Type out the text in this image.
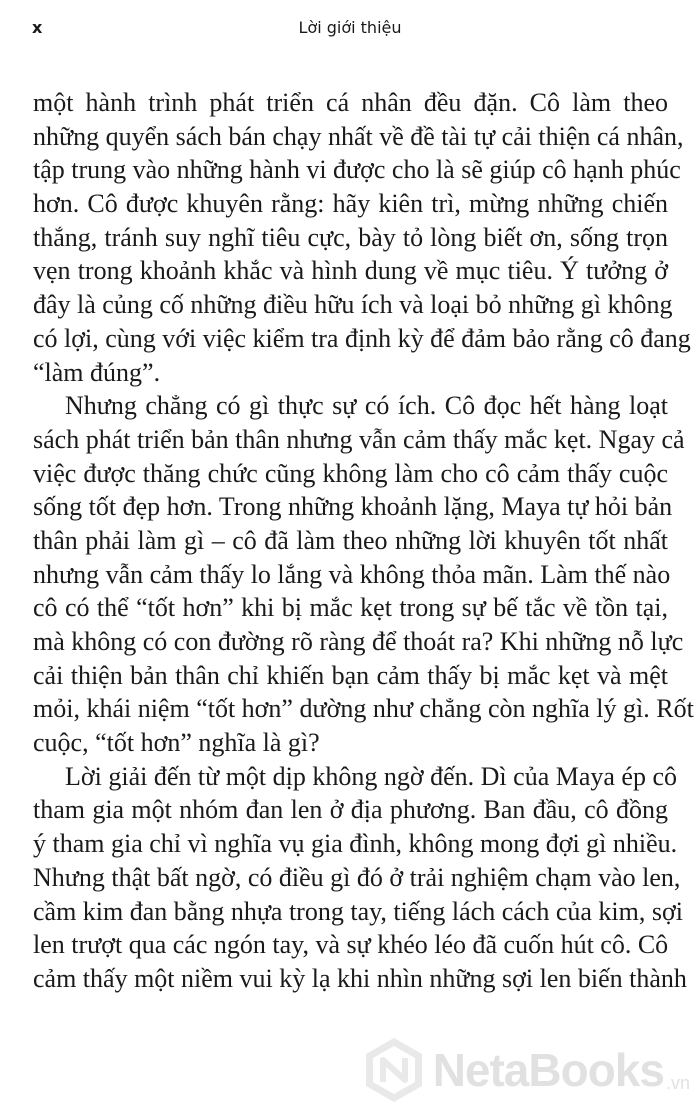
x	Lời giới thiệu
một hành trình phát triển cá nhân đều đặn. Cô làm theo
những quyển sách bán chạy nhất về đề tài tự cải thiện cá nhân,
tập trung vào những hành vi được cho là sẽ giúp cô hạnh phúc
hơn. Cô được khuyên rằng: hãy kiên trì, mừng những chiến
thắng, tránh suy nghĩ tiêu cực, bày tỏ lòng biết ơn, sống trọn
vẹn trong khoảnh khắc và hình dung về mục tiêu. Ý tưởng ở
đây là củng cố những điều hữu ích và loại bỏ những gì không
có lợi, cùng với việc kiểm tra định kỳ để đảm bảo rằng cô đang
“làm đúng”.
Nhưng chẳng có gì thực sự có ích. Cô đọc hết hàng loạt
sách phát triển bản thân nhưng vẫn cảm thấy mắc kẹt. Ngay cả
việc được thăng chức cũng không làm cho cô cảm thấy cuộc
sống tốt đẹp hơn. Trong những khoảnh lặng, Maya tự hỏi bản
thân phải làm gì – cô đã làm theo những lời khuyên tốt nhất
nhưng vẫn cảm thấy lo lắng và không thỏa mãn. Làm thế nào
cô có thể “tốt hơn” khi bị mắc kẹt trong sự bế tắc về tồn tại,
mà không có con đường rõ ràng để thoát ra? Khi những nỗ lực
cải thiện bản thân chỉ khiến bạn cảm thấy bị mắc kẹt và mệt
mỏi, khái niệm “tốt hơn” dường như chẳng còn nghĩa lý gì. Rốt
cuộc, “tốt hơn” nghĩa là gì?
Lời giải đến từ một dịp không ngờ đến. Dì của Maya ép cô
tham gia một nhóm đan len ở địa phương. Ban đầu, cô đồng
ý tham gia chỉ vì nghĩa vụ gia đình, không mong đợi gì nhiều.
Nhưng thật bất ngờ, có điều gì đó ở trải nghiệm chạm vào len,
cầm kim đan bằng nhựa trong tay, tiếng lách cách của kim, sợi
len trượt qua các ngón tay, và sự khéo léo đã cuốn hút cô. Cô
cảm thấy một niềm vui kỳ lạ khi nhìn những sợi len biến thành
NetaBooks .vn
